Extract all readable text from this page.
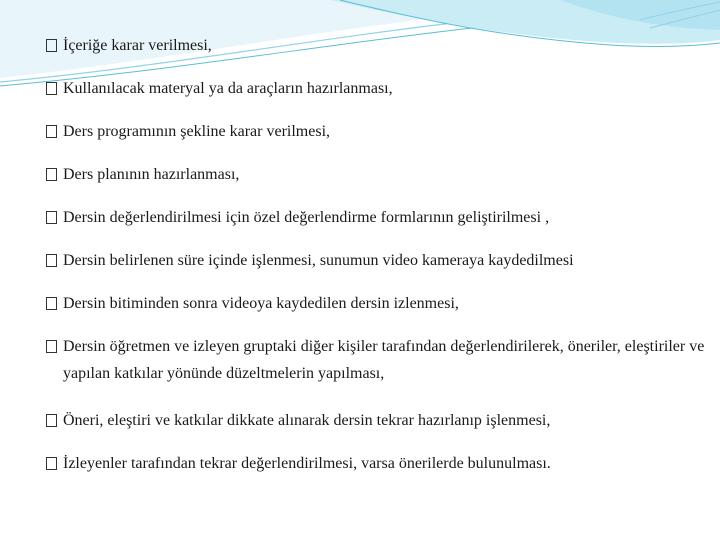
İçeriğe karar verilmesi,
Kullanılacak materyal ya da araçların hazırlanması,
Ders programının şekline karar verilmesi,
Ders planının hazırlanması,
Dersin değerlendirilmesi için özel değerlendirme formlarının geliştirilmesi ,
Dersin belirlenen süre içinde işlenmesi, sunumun video kameraya kaydedilmesi
Dersin bitiminden sonra videoya kaydedilen dersin izlenmesi,
Dersin öğretmen ve izleyen gruptaki diğer kişiler tarafından değerlendirilerek, öneriler, eleştiriler ve yapılan katkılar yönünde düzeltmelerin yapılması,
Öneri, eleştiri ve katkılar dikkate alınarak dersin tekrar hazırlanıp işlenmesi,
İzleyenler tarafından tekrar değerlendirilmesi, varsa önerilerde bulunulması.
